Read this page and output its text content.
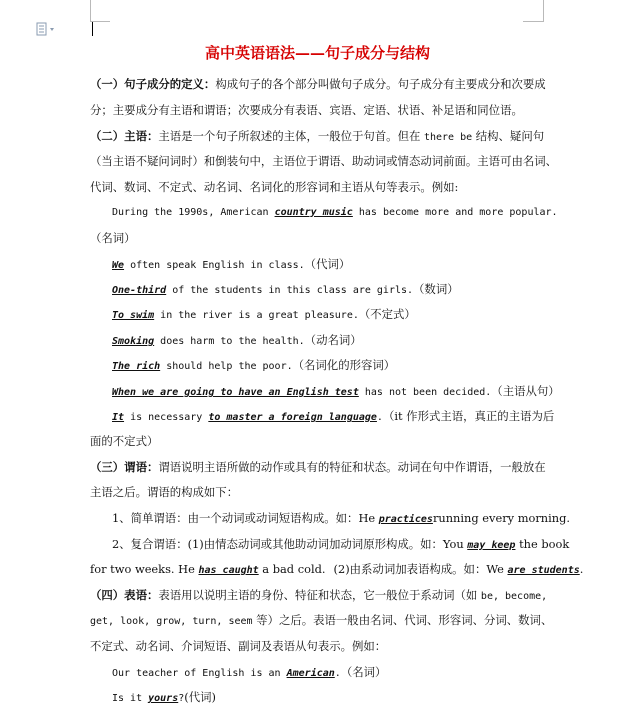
高中英语语法——句子成分与结构
（一）句子成分的定义：构成句子的各个部分叫做句子成分。句子成分有主要成分和次要成
分；主要成分有主语和谓语；次要成分有表语、宾语、定语、状语、补足语和同位语。
（二）主语：主语是一个句子所叙述的主体，一般位于句首。但在 there be 结构、疑问句
（当主语不疑问词时）和倒装句中，主语位于谓语、助动词或情态动词前面。主语可由名词、
代词、数词、不定式、动名词、名词化的形容词和主语从句等表示。例如:
During the 1990s, American country music has become more and more popular.
（名词）
We often speak English in class.（代词）
One-third of the students in this class are girls.（数词）
To swim in the river is a great pleasure.（不定式）
Smoking does harm to the health.（动名词）
The rich should help the poor.（名词化的形容词）
When we are going to have an English test has not been decided.（主语从句）
It is necessary to master a foreign language.（it 作形式主语，真正的主语为后
面的不定式）
（三）谓语：谓语说明主语所做的动作或具有的特征和状态。动词在句中作谓语，一般放在
主语之后。谓语的构成如下：
1、简单谓语：由一个动词或动词短语构成。如：He practicesrunning every morning.
2、复合谓语：(1)由情态动词或其他助动词加动词原形构成。如：You may keep the book
for two weeks. He has caught a bad cold. (2)由系动词加表语构成。如：We are students.
（四）表语：表语用以说明主语的身份、特征和状态，它一般位于系动词（如 be, become,
get, look, grow, turn, seem 等）之后。表语一般由名词、代词、形容词、分词、数词、
不定式、动名词、介词短语、副词及表语从句表示。例如：
Our teacher of English is an American.（名词）
Is it yours?(代词)
